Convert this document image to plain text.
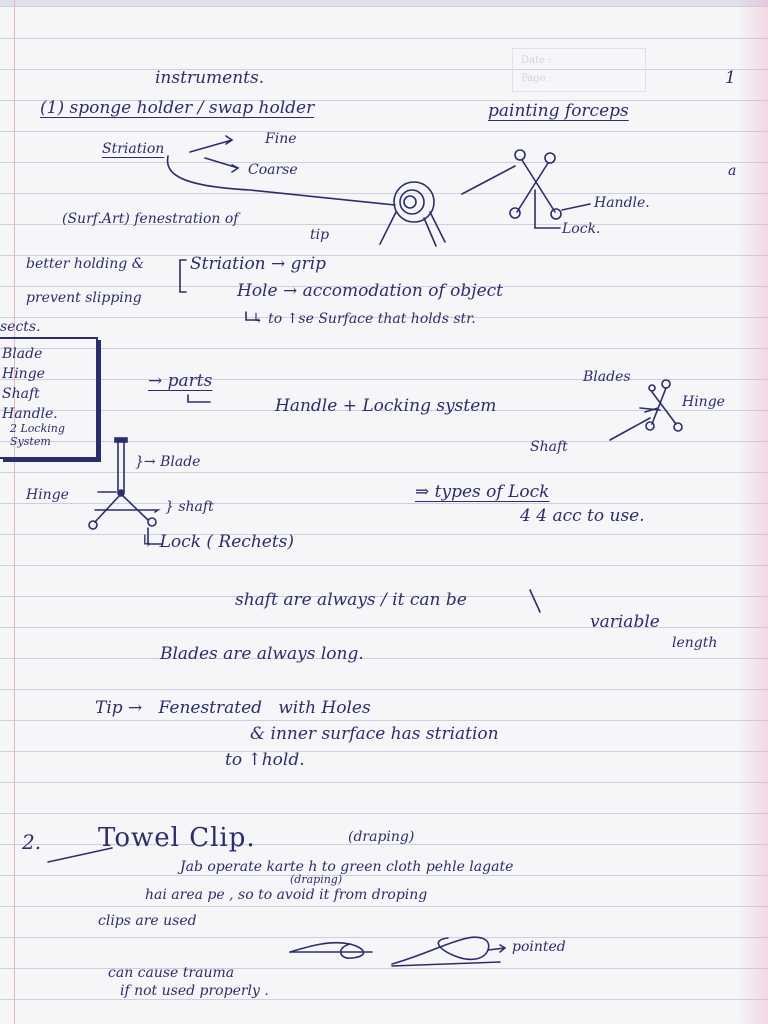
Date :
Page :
instruments.	1
(1) sponge holder / swap holder	painting forceps
Striation
Fine
Coarse
Handle.
Lock.
a
(Surf.Art) fenestration of
tip
better holding &
prevent slipping
Striation → grip
Hole → accomodation of object
↳ to ↑se Surface that holds str.
sects.
Blade
Hinge
Shaft
Handle.
2 Locking
System
→ parts
Handle + Locking system
Blades
Hinge
Shaft
}→ Blade
Hinge
} shaft
↳ Lock ( Rechets)
⇒ types of Lock
4 4 acc to use.
shaft are always / it can be
variable
length
Blades are always long.
Tip →   Fenestrated   with Holes
& inner surface has striation
to ↑hold.
2. Towel Clip.	(draping)
Jab operate karte h to green cloth pehle lagate
(draping)
hai area pe , so to avoid it from droping
clips are used
pointed
can cause trauma
if not used properly .
